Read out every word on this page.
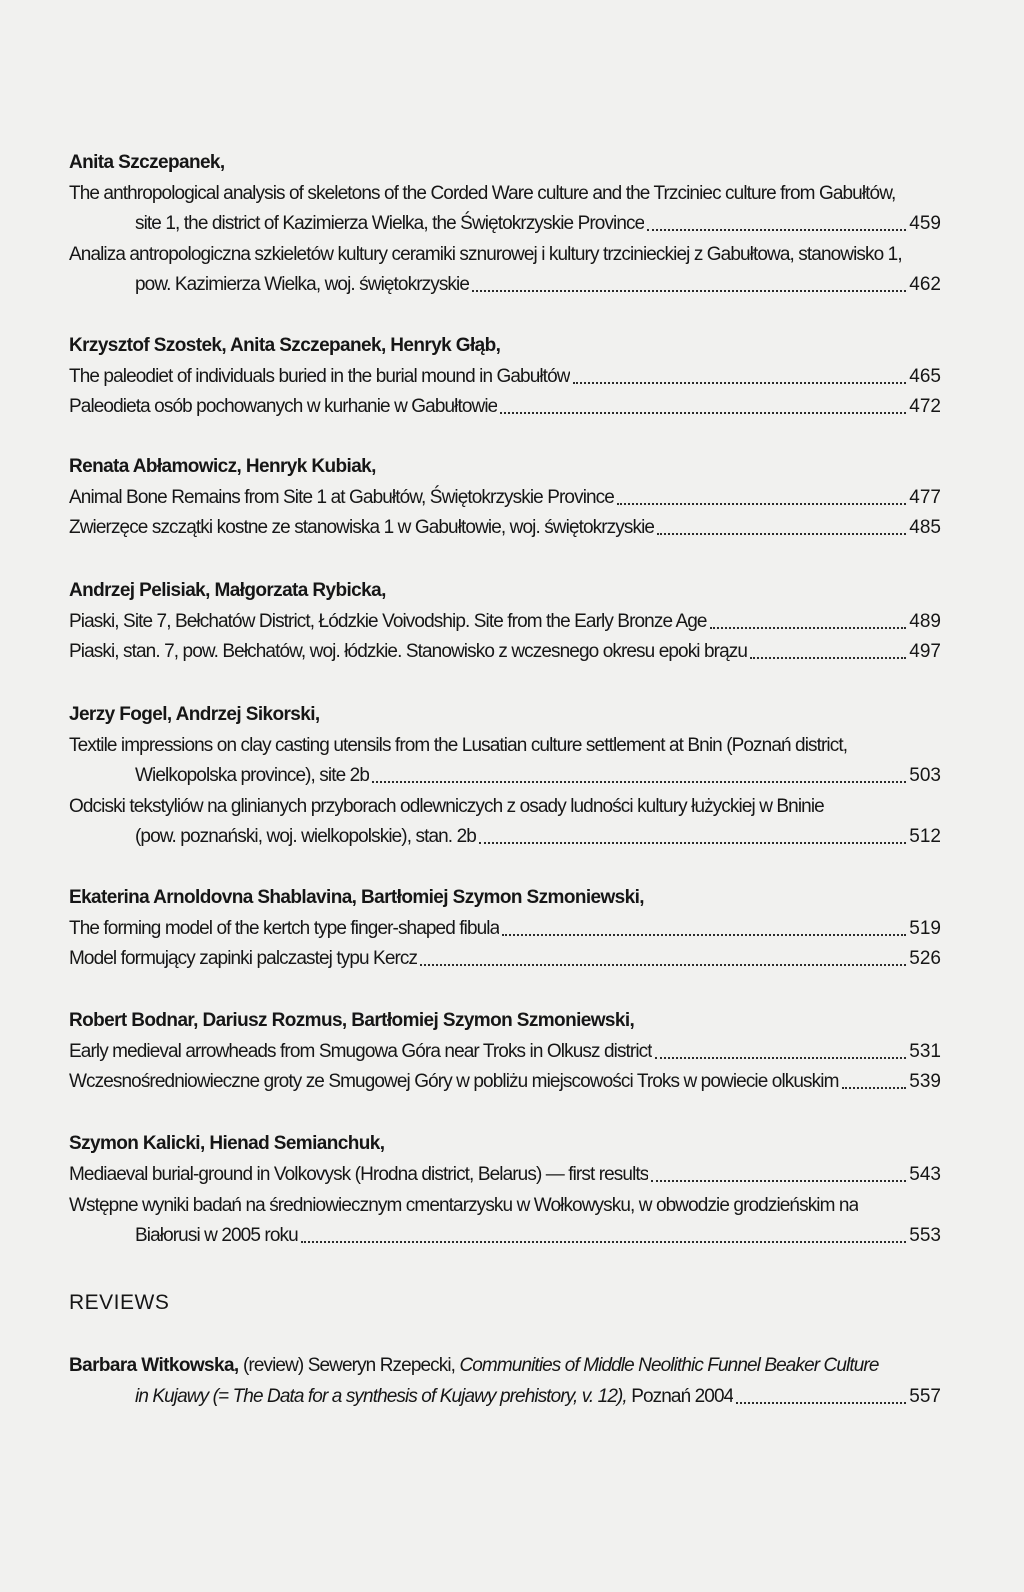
Anita Szczepanek,
The anthropological analysis of skeletons of the Corded Ware culture and the Trzciniec culture from Gabułtów,
site 1, the district of Kazimierza Wielka, the Świętokrzyskie Province	459
Analiza antropologiczna szkieletów kultury ceramiki sznurowej i kultury trzcinieckiej z Gabułtowa, stanowisko 1,
pow. Kazimierza Wielka, woj. świętokrzyskie	462
Krzysztof Szostek, Anita Szczepanek, Henryk Głąb,
The paleodiet of individuals buried in the burial mound in Gabułtów	465
Paleodieta osób pochowanych w kurhanie w Gabułtowie	472
Renata Abłamowicz, Henryk Kubiak,
Animal Bone Remains from Site 1 at Gabułtów, Świętokrzyskie Province	477
Zwierzęce szczątki kostne ze stanowiska 1 w Gabułtowie, woj. świętokrzyskie	485
Andrzej Pelisiak, Małgorzata Rybicka,
Piaski, Site 7, Bełchatów District, Łódzkie Voivodship. Site from the Early Bronze Age	489
Piaski, stan. 7, pow. Bełchatów, woj. łódzkie. Stanowisko z wczesnego okresu epoki brązu	497
Jerzy Fogel, Andrzej Sikorski,
Textile impressions on clay casting utensils from the Lusatian culture settlement at Bnin (Poznań district,
Wielkopolska province), site 2b	503
Odciski tekstyliów na glinianych przyborach odlewniczych z osady ludności kultury łużyckiej w Bninie
(pow. poznański, woj. wielkopolskie), stan. 2b	512
Ekaterina Arnoldovna Shablavina, Bartłomiej Szymon Szmoniewski,
The forming model of the kertch type finger-shaped fibula	519
Model formujący zapinki palczastej typu Kercz	526
Robert Bodnar, Dariusz Rozmus, Bartłomiej Szymon Szmoniewski,
Early medieval arrowheads from Smugowa Góra near Troks in Olkusz district	531
Wczesnośredniowieczne groty ze Smugowej Góry w pobliżu miejscowości Troks w powiecie olkuskim	539
Szymon Kalicki, Hienad Semianchuk,
Mediaeval burial-ground in Volkovysk (Hrodna district, Belarus) — first results	543
Wstępne wyniki badań na średniowiecznym cmentarzysku w Wołkowysku, w obwodzie grodzieńskim na
Białorusi w 2005 roku	553
REVIEWS
Barbara Witkowska, (review) Seweryn Rzepecki, Communities of Middle Neolithic Funnel Beaker Culture
in Kujawy (= The Data for a synthesis of Kujawy prehistory, v. 12), Poznań 2004	557
